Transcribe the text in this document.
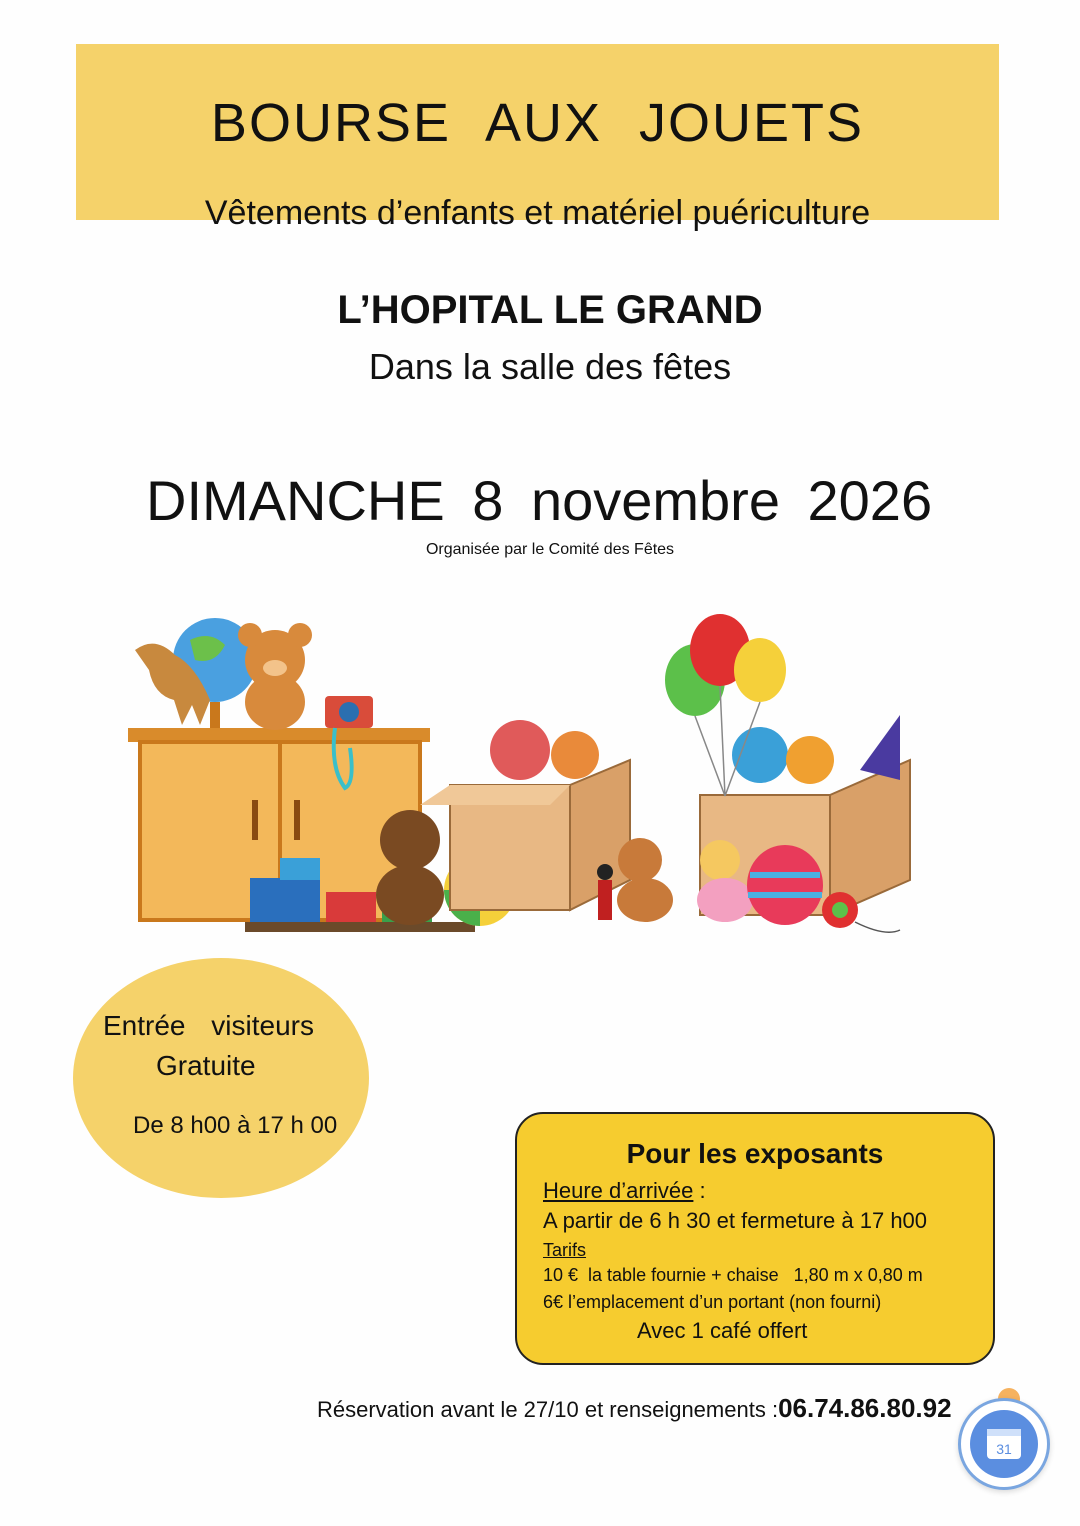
BOURSE AUX JOUETS
Vêtements d’enfants et matériel puériculture
L’HOPITAL LE GRAND
Dans la salle des fêtes
DIMANCHE 8 novembre 2026
Organisée par le Comité des Fêtes
Entrée visiteurs
Gratuite
De 8 h00 à 17 h 00
Pour les exposants
Heure d’arrivée :
A partir de 6 h 30 et fermeture à 17 h00
Tarifs
10 €  la table fournie + chaise   1,80 m x 0,80 m
6€ l’emplacement d’un portant (non fourni)
Avec 1 café offert
Réservation avant le 27/10 et renseignements :06.74.86.80.92
31
